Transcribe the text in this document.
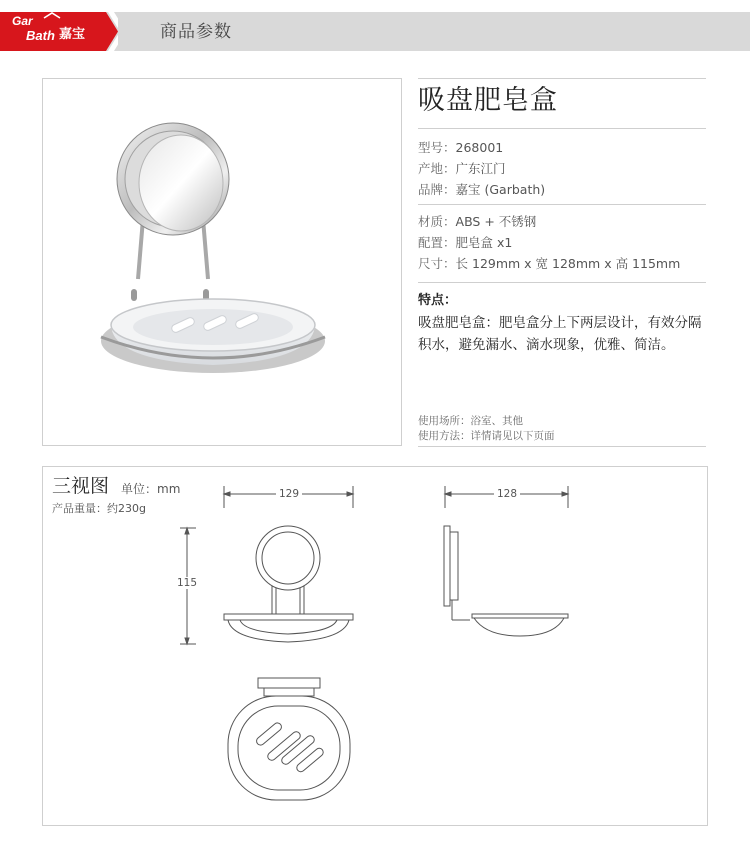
Gar
Bath 嘉宝	商品参数
吸盘肥皂盒
型号：268001
产地：广东江门
品牌：嘉宝 (Garbath)
材质：ABS + 不锈钢
配置：肥皂盒 x1
尺寸：长 129mm x 宽 128mm x 高 115mm
特点：
吸盘肥皂盒：肥皂盒分上下两层设计，有效分隔积水，避免漏水、滴水现象，优雅、简洁。
使用场所：浴室、其他
使用方法：详情请见以下页面
三视图 单位：mm
产品重量：约230g
129	128
115
